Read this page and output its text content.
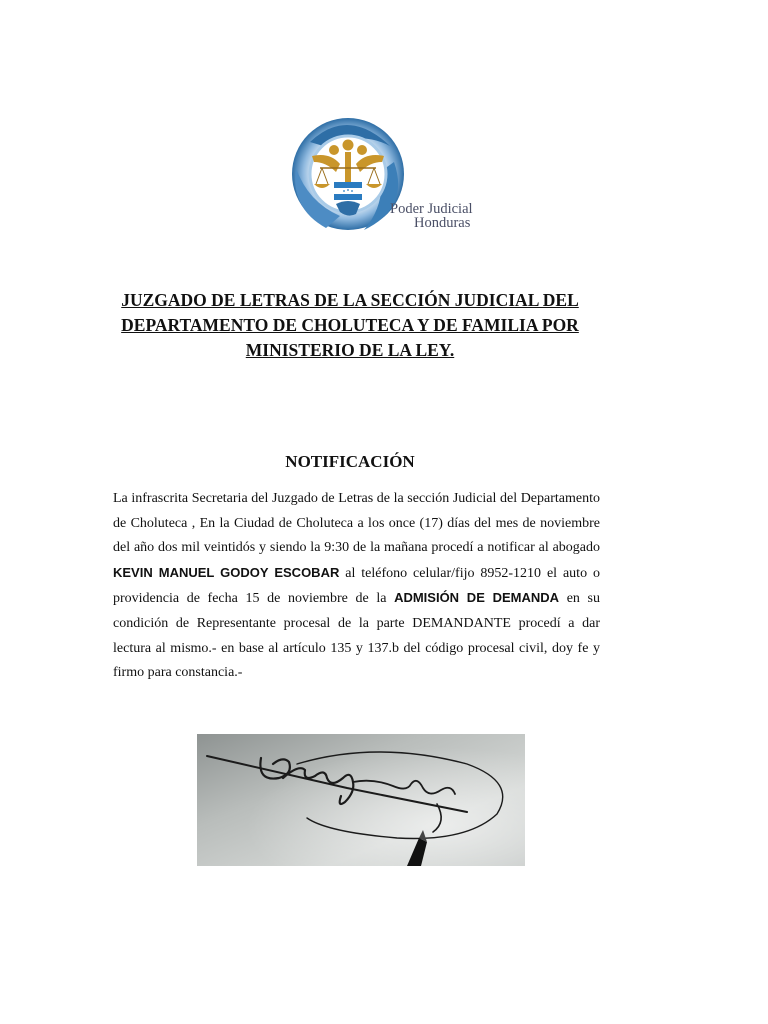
Poder Judicial
Honduras
JUZGADO DE LETRAS DE LA SECCIÓN JUDICIAL DEL
DEPARTAMENTO DE CHOLUTECA Y DE FAMILIA POR
MINISTERIO DE LA LEY.
NOTIFICACIÓN
La infrascrita Secretaria del Juzgado de Letras de la sección Judicial del Departamento de Choluteca , En la Ciudad de Choluteca a los once (17) días del mes de noviembre del año dos mil veintidós y siendo la 9:30 de la mañana procedí a notificar al abogado KEVIN MANUEL GODOY ESCOBAR al teléfono celular/fijo 8952-1210 el auto o providencia de fecha 15 de noviembre de la ADMISIÓN DE DEMANDA en su condición de Representante procesal de la parte DEMANDANTE procedí a dar lectura al mismo.- en base al artículo 135 y 137.b del código procesal civil, doy fe y firmo para constancia.-
